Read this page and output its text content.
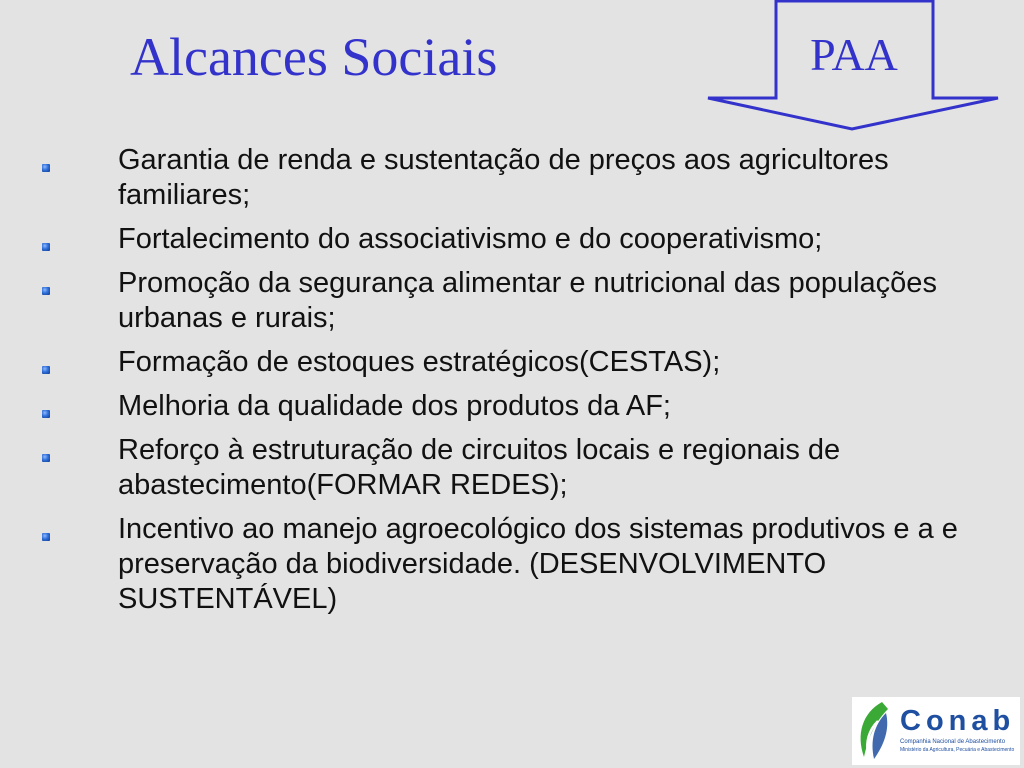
Alcances Sociais	PAA
Garantia de renda e sustentação de preços aos agricultores familiares;
Fortalecimento do associativismo e do cooperativismo;
Promoção da segurança alimentar e nutricional das populações urbanas e rurais;
Formação de estoques estratégicos(CESTAS);
Melhoria da qualidade dos produtos da AF;
Reforço à estruturação de circuitos locais e regionais de abastecimento(FORMAR REDES);
Incentivo ao manejo agroecológico dos sistemas produtivos e a e preservação da biodiversidade. (DESENVOLVIMENTO SUSTENTÁVEL)
Conab
Companhia Nacional de Abastecimento
Ministério da Agricultura, Pecuária e Abastecimento
